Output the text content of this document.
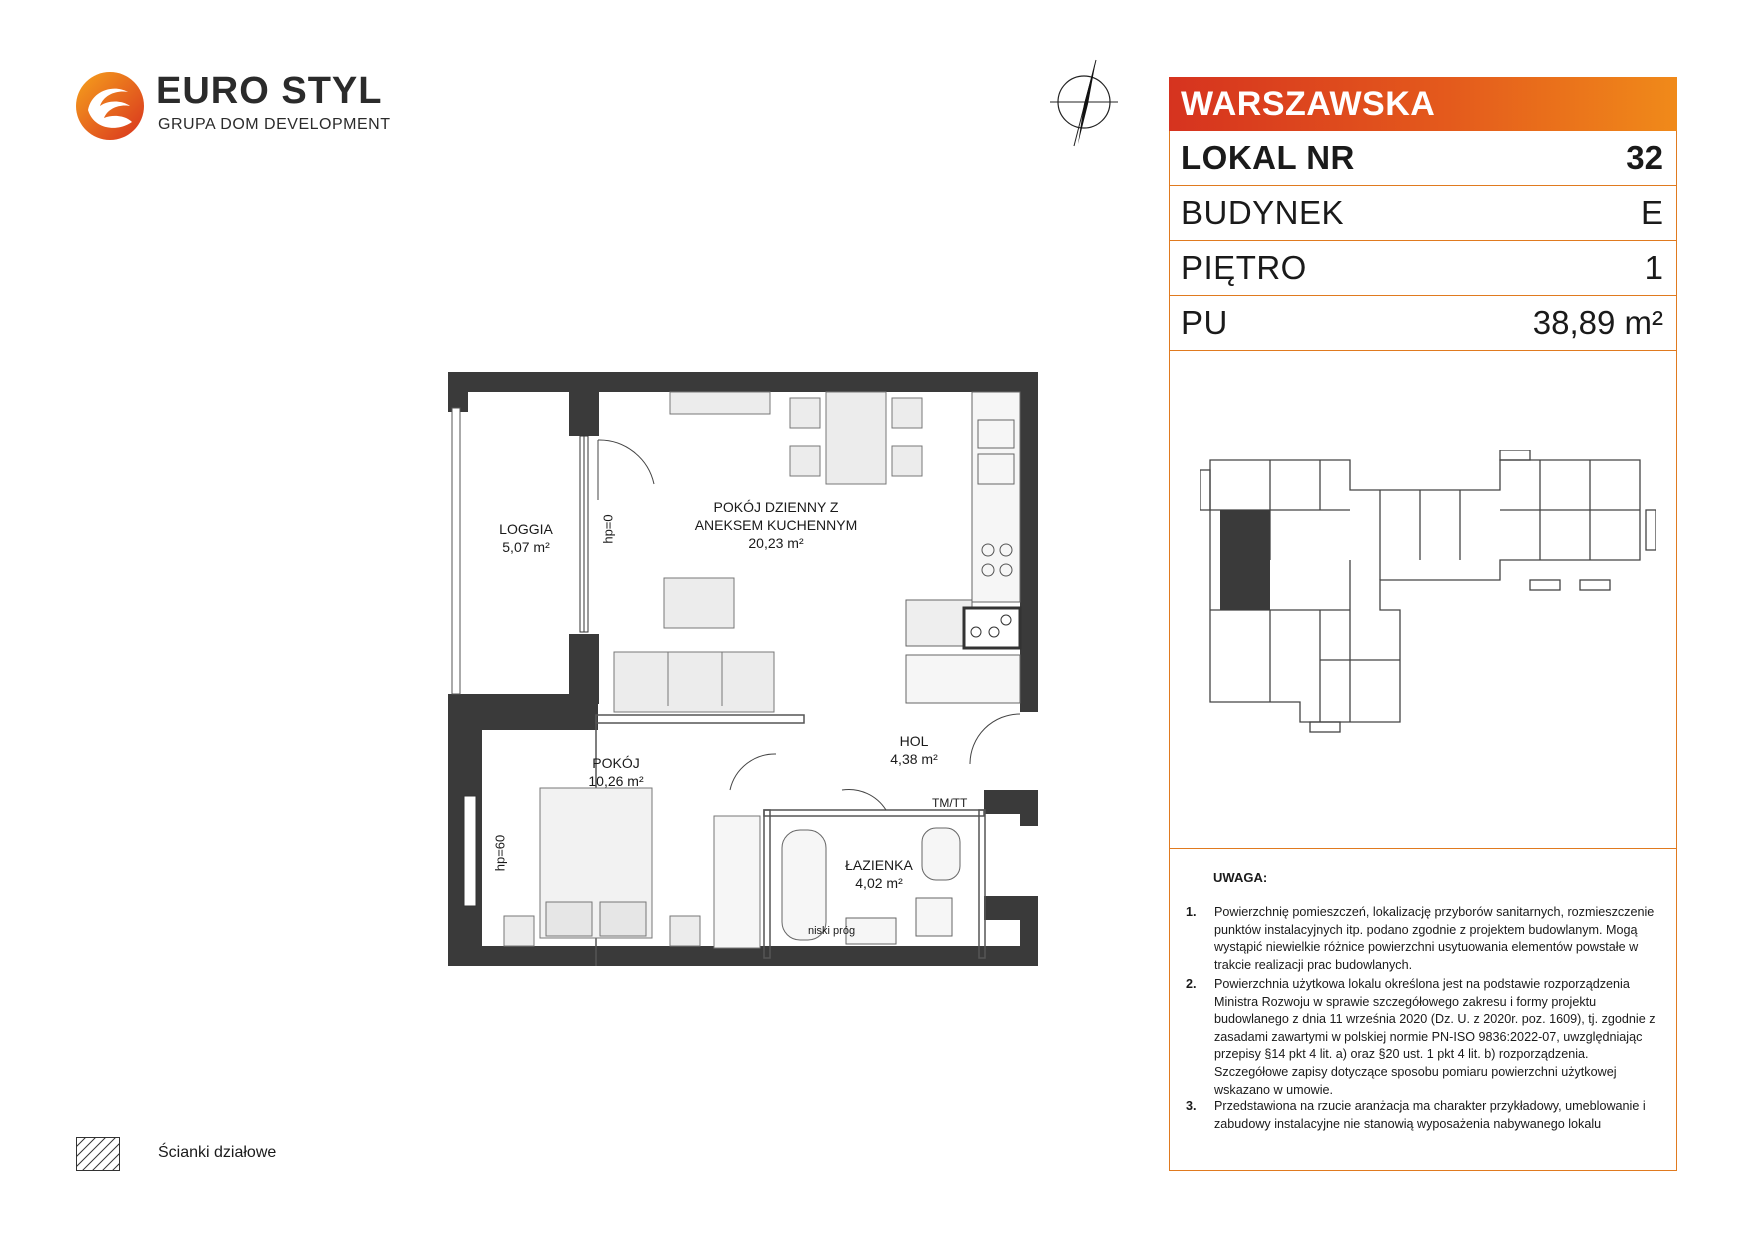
EURO STYL
GRUPA DOM DEVELOPMENT
LOGGIA
5,07 m²
POKÓJ DZIENNY Z
ANEKSEM KUCHENNYM
20,23 m²
POKÓJ
10,26 m²
HOL
4,38 m²
ŁAZIENKA
4,02 m²
hp=0
hp=60
TM/TT
niski próg
WARSZAWSKA
LOKAL NR	32
BUDYNEK	E
PIĘTRO	1
PU	38,89 m²
UWAGA:
1.	Powierzchnię pomieszczeń, lokalizację przyborów sanitarnych, rozmieszczenie punktów instalacyjnych itp. podano zgodnie z projektem budowlanym. Mogą wystąpić niewielkie różnice powierzchni usytuowania elementów powstałe w trakcie realizacji prac budowlanych.
2.	Powierzchnia użytkowa lokalu określona jest na podstawie rozporządzenia Ministra Rozwoju w sprawie szczegółowego zakresu i formy projektu budowlanego z dnia 11 września 2020 (Dz. U. z 2020r. poz. 1609), tj. zgodnie z zasadami zawartymi w polskiej normie PN-ISO 9836:2022-07, uwzględniając przepisy §14 pkt 4 lit. a) oraz §20 ust. 1 pkt 4 lit. b) rozporządzenia. Szczegółowe zapisy dotyczące sposobu pomiaru powierzchni użytkowej wskazano w umowie.
3.	Przedstawiona na rzucie aranżacja ma charakter przykładowy, umeblowanie i zabudowy instalacyjne nie stanowią wyposażenia nabywanego lokalu
Ścianki działowe
